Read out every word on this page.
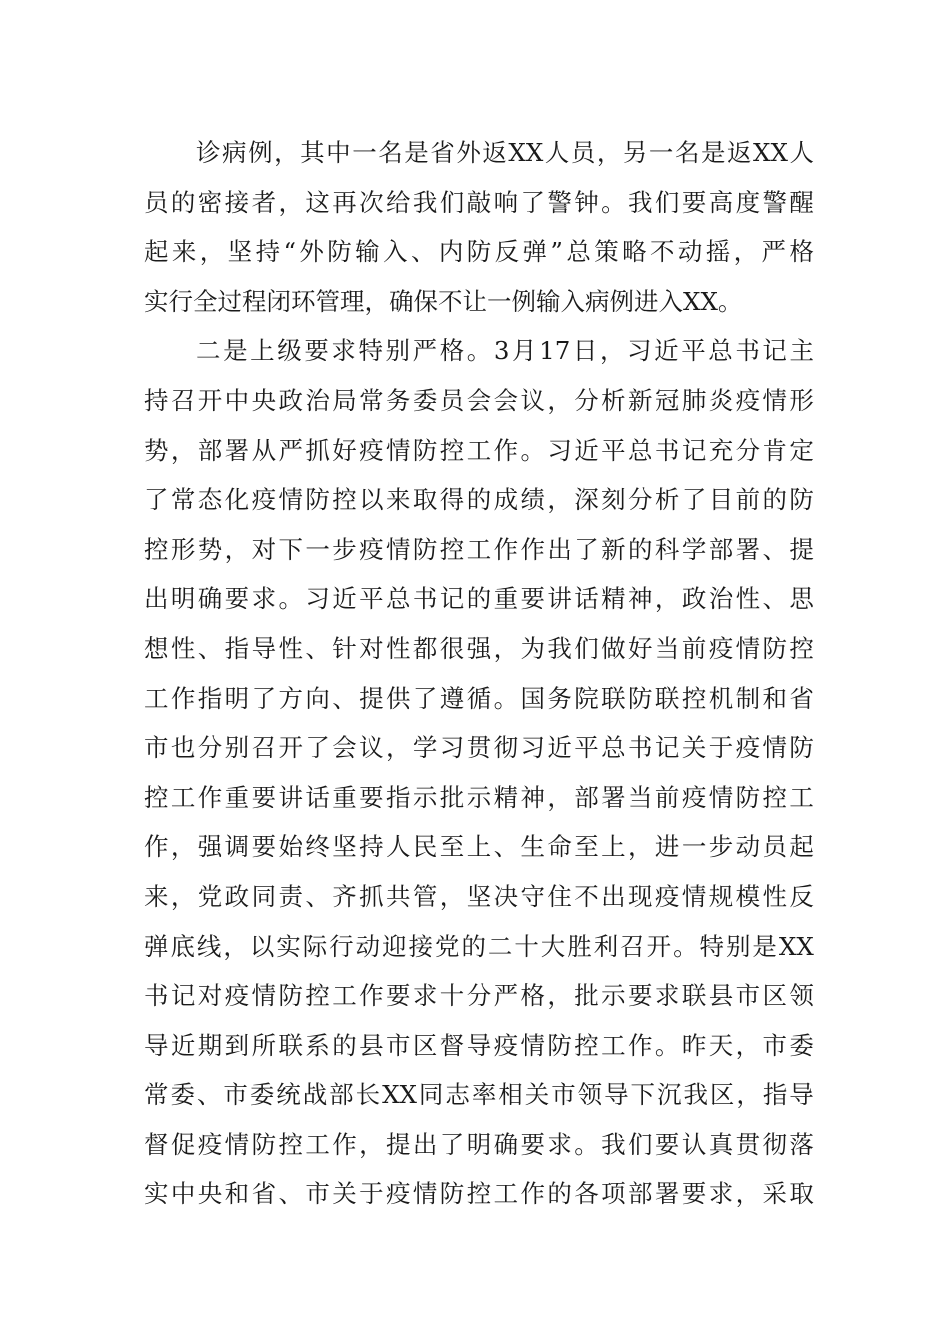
诊 病 例 ， 其 中 一 名 是 省 外 返 XX 人 员 ， 另 一 名 是 返 XX 人
员 的 密 接 者 ， 这 再 次 给 我 们 敲 响 了 警 钟 。 我 们 要 高 度 警 醒
起 来 ， 坚 持 “ 外 防 输 入 、 内 防 反 弹 ” 总 策 略 不 动 摇 ， 严 格
实行全过程闭环管理，确保不让一例输入病例进入XX。
二 是 上 级 要 求 特 别 严 格 。 3 月 17 日 ， 习 近 平 总 书 记 主
持 召 开 中 央 政 治 局 常 务 委 员 会 会 议 ， 分 析 新 冠 肺 炎 疫 情 形
势 ， 部 署 从 严 抓 好 疫 情 防 控 工 作 。 习 近 平 总 书 记 充 分 肯 定
了 常 态 化 疫 情 防 控 以 来 取 得 的 成 绩 ， 深 刻 分 析 了 目 前 的 防
控 形 势 ， 对 下 一 步 疫 情 防 控 工 作 作 出 了 新 的 科 学 部 署 、 提
出 明 确 要 求 。 习 近 平 总 书 记 的 重 要 讲 话 精 神 ， 政 治 性 、 思
想 性 、 指 导 性 、 针 对 性 都 很 强 ， 为 我 们 做 好 当 前 疫 情 防 控
工 作 指 明 了 方 向 、 提 供 了 遵 循 。 国 务 院 联 防 联 控 机 制 和 省
市 也 分 别 召 开 了 会 议 ， 学 习 贯 彻 习 近 平 总 书 记 关 于 疫 情 防
控 工 作 重 要 讲 话 重 要 指 示 批 示 精 神 ， 部 署 当 前 疫 情 防 控 工
作 ， 强 调 要 始 终 坚 持 人 民 至 上 、 生 命 至 上 ， 进 一 步 动 员 起
来 ， 党 政 同 责 、 齐 抓 共 管 ， 坚 决 守 住 不 出 现 疫 情 规 模 性 反
弹 底 线 ， 以 实 际 行 动 迎 接 党 的 二 十 大 胜 利 召 开 。 特 别 是 XX
书 记 对 疫 情 防 控 工 作 要 求 十 分 严 格 ， 批 示 要 求 联 县 市 区 领
导 近 期 到 所 联 系 的 县 市 区 督 导 疫 情 防 控 工 作 。 昨 天 ， 市 委
常 委 、 市 委 统 战 部 长 XX 同 志 率 相 关 市 领 导 下 沉 我 区 ， 指 导
督 促 疫 情 防 控 工 作 ， 提 出 了 明 确 要 求 。 我 们 要 认 真 贯 彻 落
实 中 央 和 省 、 市 关 于 疫 情 防 控 工 作 的 各 项 部 署 要 求 ， 采 取
